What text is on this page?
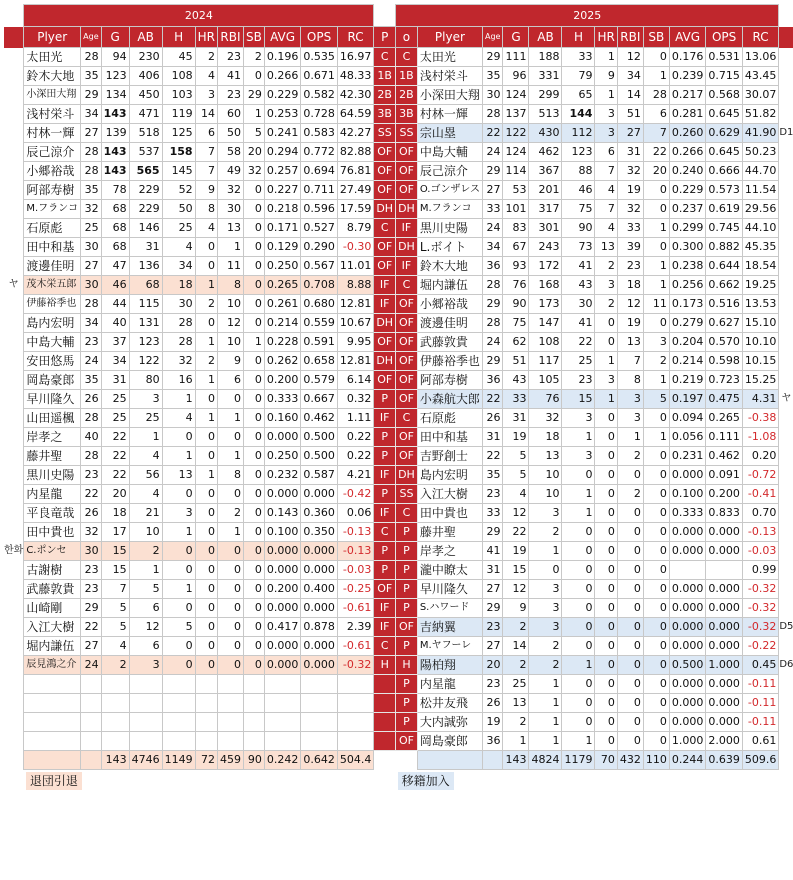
	2024												2025												
	Plyer	Age	G	AB	H	HR	RBI	SB	AVG	OPS	RC	P	o	Plyer	Age	G	AB	H	HR	RBI	SB	AVG	OPS	RC	
	太田光	28	94	230	45	2	23	2	0.196	0.535	16.97	C	C	太田光	29	111	188	33	1	12	0	0.176	0.531	13.06	
	鈴木大地	35	123	406	108	4	41	0	0.266	0.671	48.33	1B	1B	浅村栄斗	35	96	331	79	9	34	1	0.239	0.715	43.45	
	小深田大翔	29	134	450	103	3	23	29	0.229	0.582	42.30	2B	2B	小深田大翔	30	124	299	65	1	14	28	0.217	0.568	30.07	
	浅村栄斗	34	143	471	119	14	60	1	0.253	0.728	64.59	3B	3B	村林一輝	28	137	513	144	3	51	6	0.281	0.645	51.82	
	村林一輝	27	139	518	125	6	50	5	0.241	0.583	42.27	SS	SS	宗山塁	22	122	430	112	3	27	7	0.260	0.629	41.90	D1
	辰己涼介	28	143	537	158	7	58	20	0.294	0.772	82.88	OF	OF	中島大輔	24	124	462	123	6	31	22	0.266	0.645	50.23	
	小郷裕哉	28	143	565	145	7	49	32	0.257	0.694	76.81	OF	OF	辰己涼介	29	114	367	88	7	32	20	0.240	0.666	44.70	
	阿部寿樹	35	78	229	52	9	32	0	0.227	0.711	27.49	OF	OF	O.ゴンザレス	27	53	201	46	4	19	0	0.229	0.573	11.54	
	M.フランコ	32	68	229	50	8	30	0	0.218	0.596	17.59	DH	DH	M.フランコ	33	101	317	75	7	32	0	0.237	0.619	29.56	
	石原彪	25	68	146	25	4	13	0	0.171	0.527	8.79	C	IF	黒川史陽	24	83	301	90	4	33	1	0.299	0.745	44.10	
	田中和基	30	68	31	4	0	1	0	0.129	0.290	-0.30	OF	DH	L.ボイト	34	67	243	73	13	39	0	0.300	0.882	45.35	
	渡邊佳明	27	47	136	34	0	11	0	0.250	0.567	11.01	OF	IF	鈴木大地	36	93	172	41	2	23	1	0.238	0.644	18.54	
ヤ	茂木栄五郎	30	46	68	18	1	8	0	0.265	0.708	8.88	IF	C	堀内謙伍	28	76	168	43	3	18	1	0.256	0.662	19.25	
	伊藤裕季也	28	44	115	30	2	10	0	0.261	0.680	12.81	IF	OF	小郷裕哉	29	90	173	30	2	12	11	0.173	0.516	13.53	
	島内宏明	34	40	131	28	0	12	0	0.214	0.559	10.67	DH	OF	渡邊佳明	28	75	147	41	0	19	0	0.279	0.627	15.10	
	中島大輔	23	37	123	28	1	10	1	0.228	0.591	9.95	OF	OF	武藤敦貴	24	62	108	22	0	13	3	0.204	0.570	10.10	
	安田悠馬	24	34	122	32	2	9	0	0.262	0.658	12.81	DH	OF	伊藤裕季也	29	51	117	25	1	7	2	0.214	0.598	10.15	
	岡島豪郎	35	31	80	16	1	6	0	0.200	0.579	6.14	OF	OF	阿部寿樹	36	43	105	23	3	8	1	0.219	0.723	15.25	
	早川隆久	26	25	3	1	0	0	0	0.333	0.667	0.32	P	OF	小森航大郎	22	33	76	15	1	3	5	0.197	0.475	4.31	ヤ
	山田遥楓	28	25	25	4	1	1	0	0.160	0.462	1.11	IF	C	石原彪	26	31	32	3	0	3	0	0.094	0.265	-0.38	
	岸孝之	40	22	1	0	0	0	0	0.000	0.500	0.22	P	OF	田中和基	31	19	18	1	0	1	1	0.056	0.111	-1.08	
	藤井聖	28	22	4	1	0	1	0	0.250	0.500	0.22	P	OF	吉野創士	22	5	13	3	0	2	0	0.231	0.462	0.20	
	黒川史陽	23	22	56	13	1	8	0	0.232	0.587	4.21	IF	DH	島内宏明	35	5	10	0	0	0	0	0.000	0.091	-0.72	
	内星龍	22	20	4	0	0	0	0	0.000	0.000	-0.42	P	SS	入江大樹	23	4	10	1	0	2	0	0.100	0.200	-0.41	
	平良竜哉	26	18	21	3	0	2	0	0.143	0.360	0.06	IF	C	田中貴也	33	12	3	1	0	0	0	0.333	0.833	0.70	
	田中貴也	32	17	10	1	0	1	0	0.100	0.350	-0.13	C	P	藤井聖	29	22	2	0	0	0	0	0.000	0.000	-0.13	
한화	C.ポンセ	30	15	2	0	0	0	0	0.000	0.000	-0.13	P	P	岸孝之	41	19	1	0	0	0	0	0.000	0.000	-0.03	
	古謝樹	23	15	1	0	0	0	0	0.000	0.000	-0.03	P	P	瀧中瞭太	31	15	0	0	0	0	0			0.99	
	武藤敦貴	23	7	5	1	0	0	0	0.200	0.400	-0.25	OF	P	早川隆久	27	12	3	0	0	0	0	0.000	0.000	-0.32	
	山崎剛	29	5	6	0	0	0	0	0.000	0.000	-0.61	IF	P	S.ハワード	29	9	3	0	0	0	0	0.000	0.000	-0.32	
	入江大樹	22	5	12	5	0	0	0	0.417	0.878	2.39	IF	OF	吉納翼	23	2	3	0	0	0	0	0.000	0.000	-0.32	D5
	堀内謙伍	27	4	6	0	0	0	0	0.000	0.000	-0.61	C	P	M.ヤフーレ	27	14	2	0	0	0	0	0.000	0.000	-0.22	
	辰見鴻之介	24	2	3	0	0	0	0	0.000	0.000	-0.32	H	H	陽柏翔	20	2	2	1	0	0	0	0.500	1.000	0.45	D6
													P	内星龍	23	25	1	0	0	0	0	0.000	0.000	-0.11	
													P	松井友飛	26	13	1	0	0	0	0	0.000	0.000	-0.11	
													P	大内誠弥	19	2	1	0	0	0	0	0.000	0.000	-0.11	
													OF	岡島豪郎	36	1	1	1	0	0	0	1.000	2.000	0.61	
			143	4746	1149	72	459	90	0.242	0.642	504.4					143	4824	1179	70	432	110	0.244	0.639	509.6	
	退団引退												移籍加入												
